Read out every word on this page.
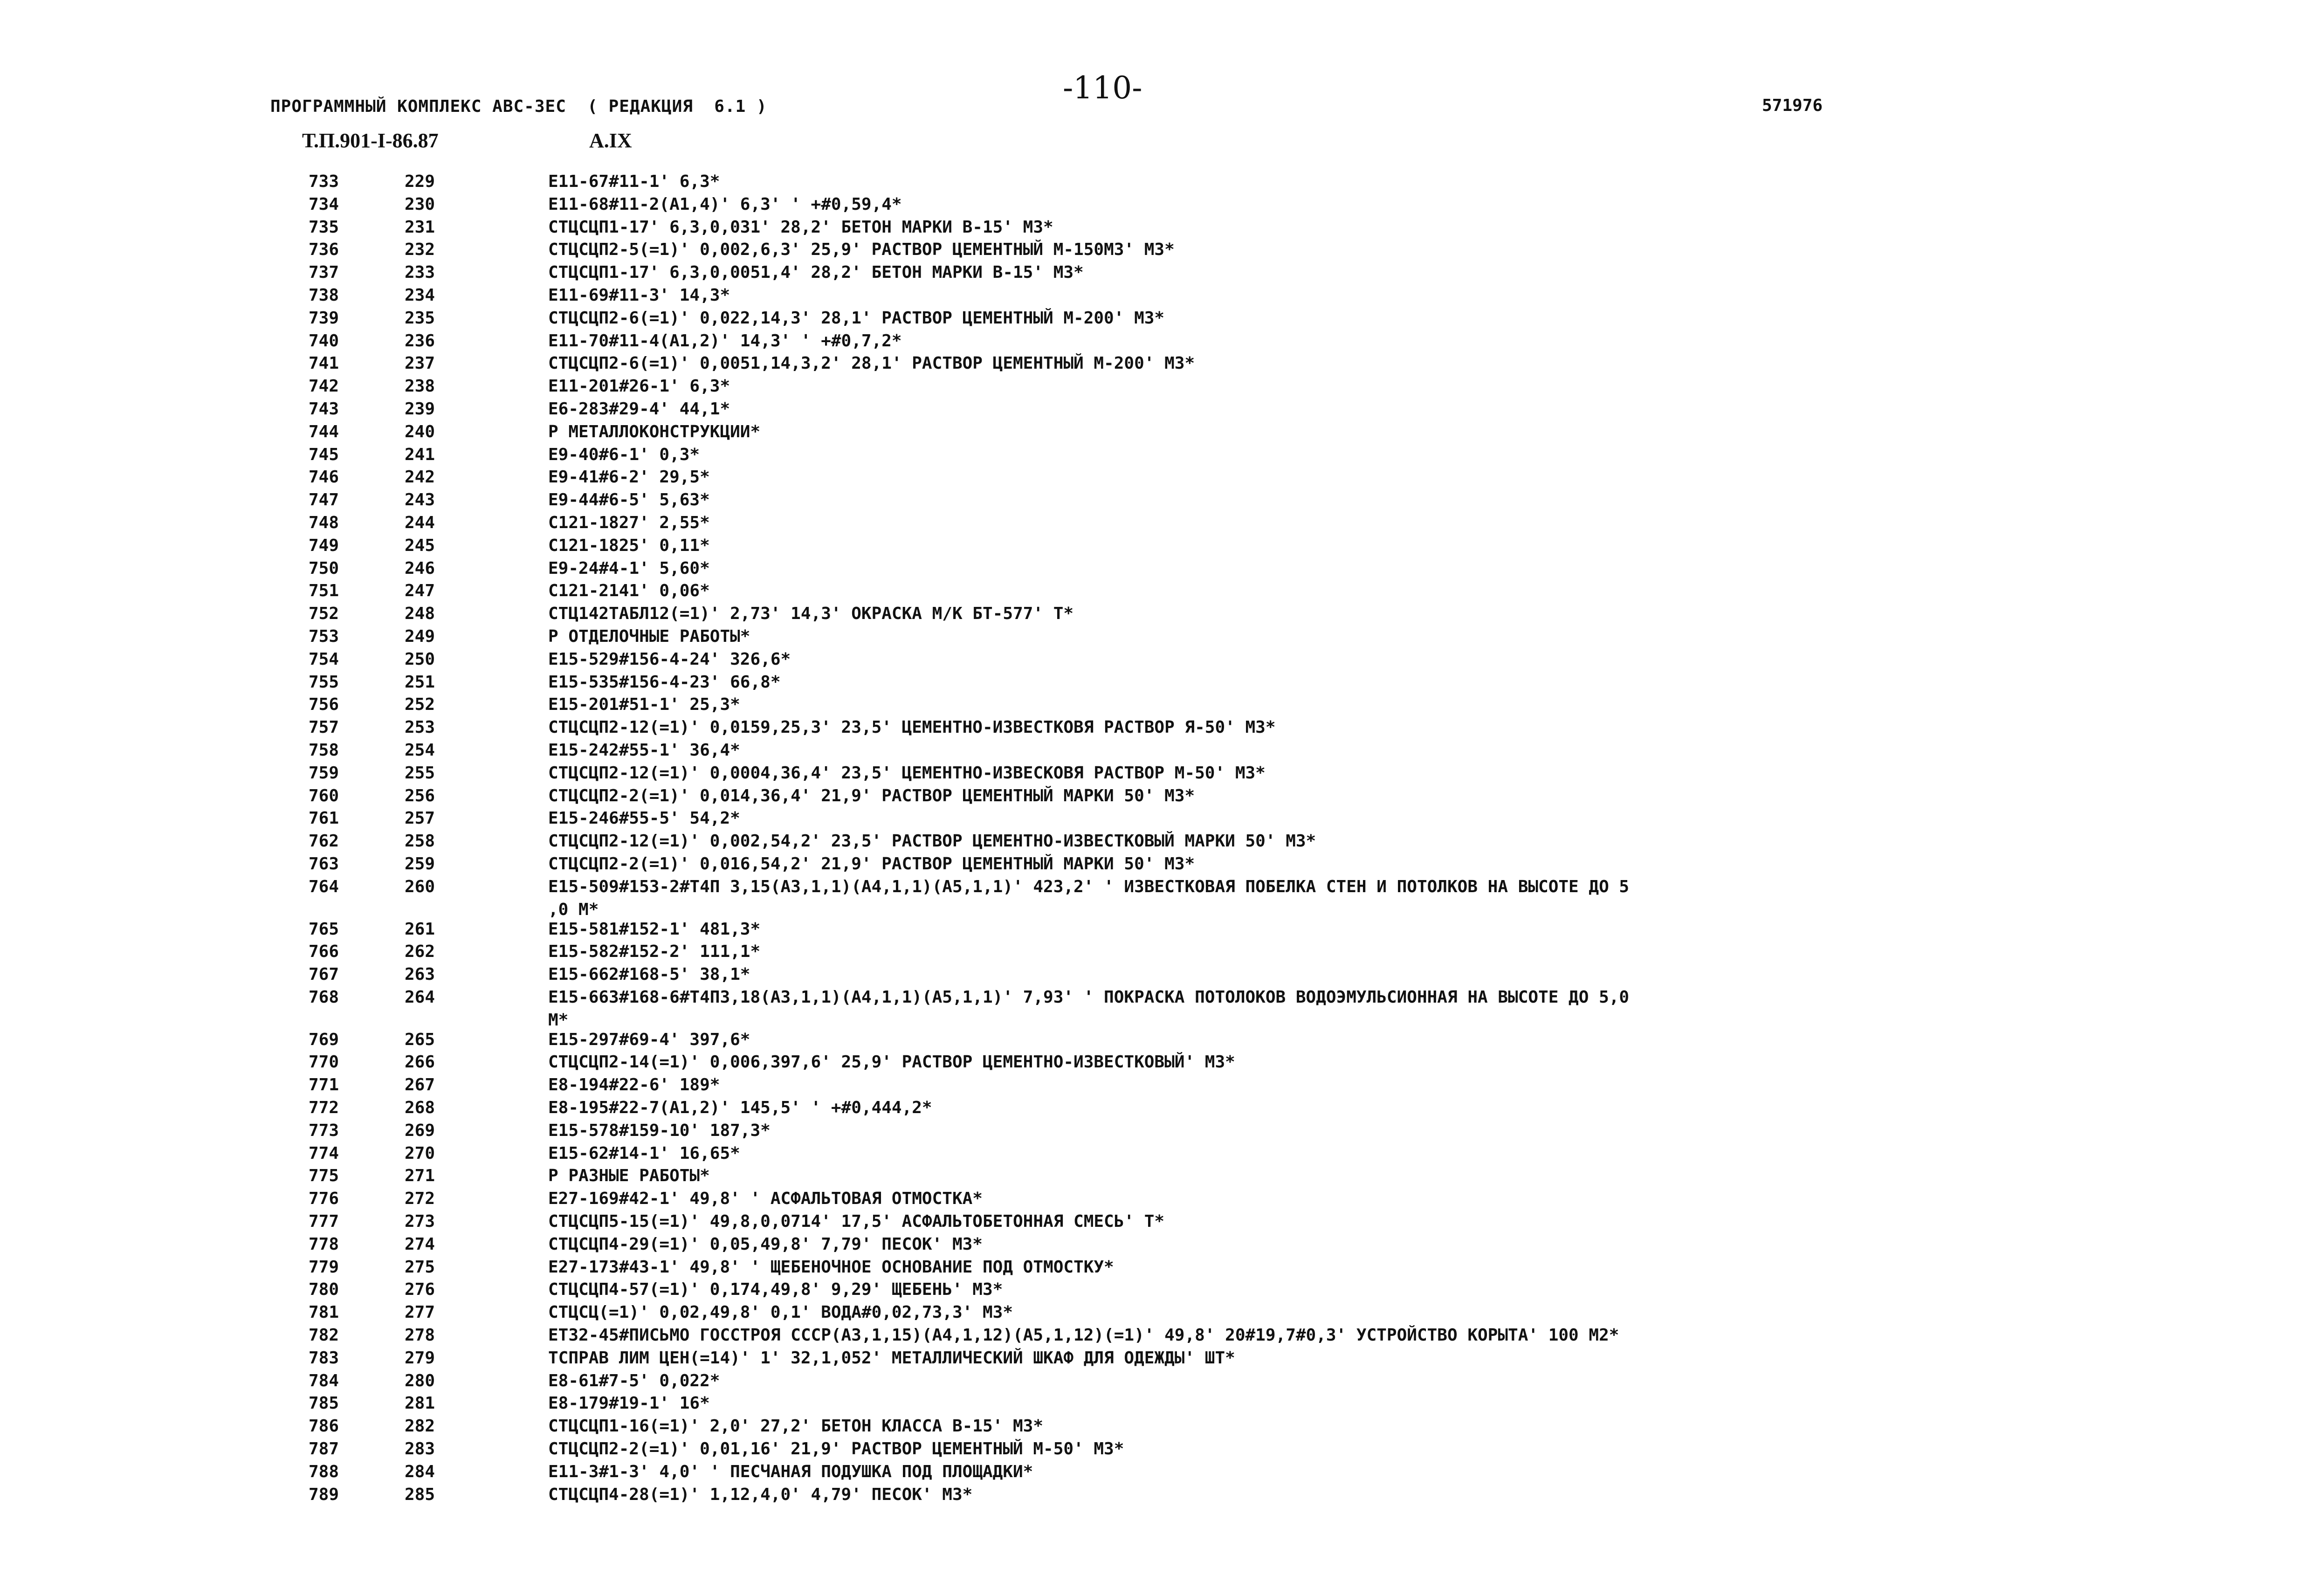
ПРОГРАММНЫЙ КОМПЛЕКС АВС-3ЕС  ( РЕДАКЦИЯ  6.1 )
-110-	571976
Т.П.901-I-86.87	А.IX
733	229	Е11-67#11-1' 6,3*
734	230	Е11-68#11-2(А1,4)' 6,3' ' +#0,59,4*
735	231	СТЦСЦП1-17' 6,3,0,031' 28,2' БЕТОН МАРКИ В-15' М3*
736	232	СТЦСЦП2-5(=1)' 0,002,6,3' 25,9' РАСТВОР ЦЕМЕНТНЫЙ М-150М3' М3*
737	233	СТЦСЦП1-17' 6,3,0,0051,4' 28,2' БЕТОН МАРКИ В-15' М3*
738	234	Е11-69#11-3' 14,3*
739	235	СТЦСЦП2-6(=1)' 0,022,14,3' 28,1' РАСТВОР ЦЕМЕНТНЫЙ М-200' М3*
740	236	Е11-70#11-4(А1,2)' 14,3' ' +#0,7,2*
741	237	СТЦСЦП2-6(=1)' 0,0051,14,3,2' 28,1' РАСТВОР ЦЕМЕНТНЫЙ М-200' М3*
742	238	Е11-201#26-1' 6,3*
743	239	Е6-283#29-4' 44,1*
744	240	Р МЕТАЛЛОКОНСТРУКЦИИ*
745	241	Е9-40#6-1' 0,3*
746	242	Е9-41#6-2' 29,5*
747	243	Е9-44#6-5' 5,63*
748	244	С121-1827' 2,55*
749	245	С121-1825' 0,11*
750	246	Е9-24#4-1' 5,60*
751	247	С121-2141' 0,06*
752	248	СТЦ142ТАБЛ12(=1)' 2,73' 14,3' ОКРАСКА М/К БТ-577' Т*
753	249	Р ОТДЕЛОЧНЫЕ РАБОТЫ*
754	250	Е15-529#156-4-24' 326,6*
755	251	Е15-535#156-4-23' 66,8*
756	252	Е15-201#51-1' 25,3*
757	253	СТЦСЦП2-12(=1)' 0,0159,25,3' 23,5' ЦЕМЕНТНО-ИЗВЕСТКОВЯ РАСТВОР Я-50' М3*
758	254	Е15-242#55-1' 36,4*
759	255	СТЦСЦП2-12(=1)' 0,0004,36,4' 23,5' ЦЕМЕНТНО-ИЗВЕСКОВЯ РАСТВОР М-50' М3*
760	256	СТЦСЦП2-2(=1)' 0,014,36,4' 21,9' РАСТВОР ЦЕМЕНТНЫЙ МАРКИ 50' М3*
761	257	Е15-246#55-5' 54,2*
762	258	СТЦСЦП2-12(=1)' 0,002,54,2' 23,5' РАСТВОР ЦЕМЕНТНО-ИЗВЕСТКОВЫЙ МАРКИ 50' М3*
763	259	СТЦСЦП2-2(=1)' 0,016,54,2' 21,9' РАСТВОР ЦЕМЕНТНЫЙ МАРКИ 50' М3*
764	260	Е15-509#153-2#Т4П 3,15(А3,1,1)(А4,1,1)(А5,1,1)' 423,2' ' ИЗВЕСТКОВАЯ ПОБЕЛКА СТЕН И ПОТОЛКОВ НА ВЫСОТЕ ДО 5
,0 М*
765	261	Е15-581#152-1' 481,3*
766	262	Е15-582#152-2' 111,1*
767	263	Е15-662#168-5' 38,1*
768	264	Е15-663#168-6#Т4П3,18(А3,1,1)(А4,1,1)(А5,1,1)' 7,93' ' ПОКРАСКА ПОТОЛОКОВ ВОДОЭМУЛЬСИОННАЯ НА ВЫСОТЕ ДО 5,0
М*
769	265	Е15-297#69-4' 397,6*
770	266	СТЦСЦП2-14(=1)' 0,006,397,6' 25,9' РАСТВОР ЦЕМЕНТНО-ИЗВЕСТКОВЫЙ' М3*
771	267	Е8-194#22-6' 189*
772	268	Е8-195#22-7(А1,2)' 145,5' ' +#0,444,2*
773	269	Е15-578#159-10' 187,3*
774	270	Е15-62#14-1' 16,65*
775	271	Р РАЗНЫЕ РАБОТЫ*
776	272	Е27-169#42-1' 49,8' ' АСФАЛЬТОВАЯ ОТМОСТКА*
777	273	СТЦСЦП5-15(=1)' 49,8,0,0714' 17,5' АСФАЛЬТОБЕТОННАЯ СМЕСЬ' Т*
778	274	СТЦСЦП4-29(=1)' 0,05,49,8' 7,79' ПЕСОК' М3*
779	275	Е27-173#43-1' 49,8' ' ЩЕБЕНОЧНОЕ ОСНОВАНИЕ ПОД ОТМОСТКУ*
780	276	СТЦСЦП4-57(=1)' 0,174,49,8' 9,29' ЩЕБЕНЬ' М3*
781	277	СТЦСЦ(=1)' 0,02,49,8' 0,1' ВОДА#0,02,73,3' М3*
782	278	ЕТ32-45#ПИСЬМО ГОССТРОЯ СССР(А3,1,15)(А4,1,12)(А5,1,12)(=1)' 49,8' 20#19,7#0,3' УСТРОЙСТВО КОРЫТА' 100 М2*
783	279	ТСПРАВ ЛИМ ЦЕН(=14)' 1' 32,1,052' МЕТАЛЛИЧЕСКИЙ ШКАФ ДЛЯ ОДЕЖДЫ' ШТ*
784	280	Е8-61#7-5' 0,022*
785	281	Е8-179#19-1' 16*
786	282	СТЦСЦП1-16(=1)' 2,0' 27,2' БЕТОН КЛАССА В-15' М3*
787	283	СТЦСЦП2-2(=1)' 0,01,16' 21,9' РАСТВОР ЦЕМЕНТНЫЙ М-50' М3*
788	284	Е11-3#1-3' 4,0' ' ПЕСЧАНАЯ ПОДУШКА ПОД ПЛОЩАДКИ*
789	285	СТЦСЦП4-28(=1)' 1,12,4,0' 4,79' ПЕСОК' М3*
